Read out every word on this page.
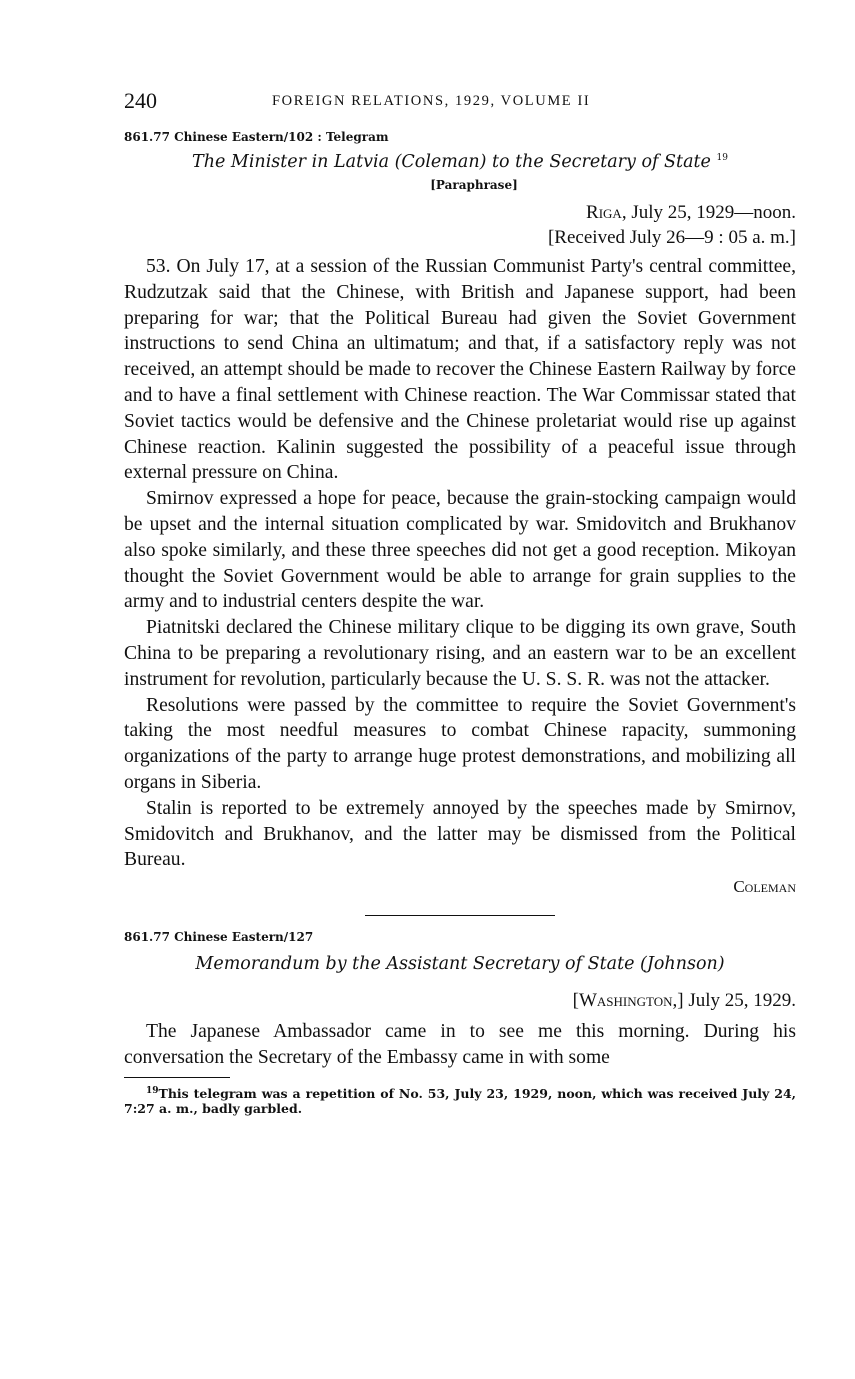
240	FOREIGN RELATIONS, 1929, VOLUME II
861.77 Chinese Eastern/102 : Telegram
The Minister in Latvia (Coleman) to the Secretary of State $^{19}$
[Paraphrase]
Riga, July 25, 1929—noon.
[Received July 26—9 : 05 a. m.]

53. On July 17, at a session of the Russian Communist Party's central committee, Rudzutzak said that the Chinese, with British and Japanese support, had been preparing for war; that the Political Bureau had given the Soviet Government instructions to send China an ultimatum; and that, if a satisfactory reply was not received, an attempt should be made to recover the Chinese Eastern Railway by force and to have a final settlement with Chinese reaction. The War Commissar stated that Soviet tactics would be defensive and the Chinese proletariat would rise up against Chinese reaction. Kalinin suggested the possibility of a peaceful issue through external pressure on China.

Smirnov expressed a hope for peace, because the grain-stocking campaign would be upset and the internal situation complicated by war. Smidovitch and Brukhanov also spoke similarly, and these three speeches did not get a good reception. Mikoyan thought the Soviet Government would be able to arrange for grain supplies to the army and to industrial centers despite the war.

Piatnitski declared the Chinese military clique to be digging its own grave, South China to be preparing a revolutionary rising, and an eastern war to be an excellent instrument for revolution, particularly because the U. S. S. R. was not the attacker.

Resolutions were passed by the committee to require the Soviet Government's taking the most needful measures to combat Chinese rapacity, summoning organizations of the party to arrange huge protest demonstrations, and mobilizing all organs in Siberia.

Stalin is reported to be extremely annoyed by the speeches made by Smirnov, Smidovitch and Brukhanov, and the latter may be dismissed from the Political Bureau.

Coleman
861.77 Chinese Eastern/127
Memorandum by the Assistant Secretary of State (Johnson)
[Washington,] July 25, 1929.

The Japanese Ambassador came in to see me this morning. During his conversation the Secretary of the Embassy came in with some

$^{19}$This telegram was a repetition of No. 53, July 23, 1929, noon, which was received July 24, 7:27 a. m., badly garbled.
